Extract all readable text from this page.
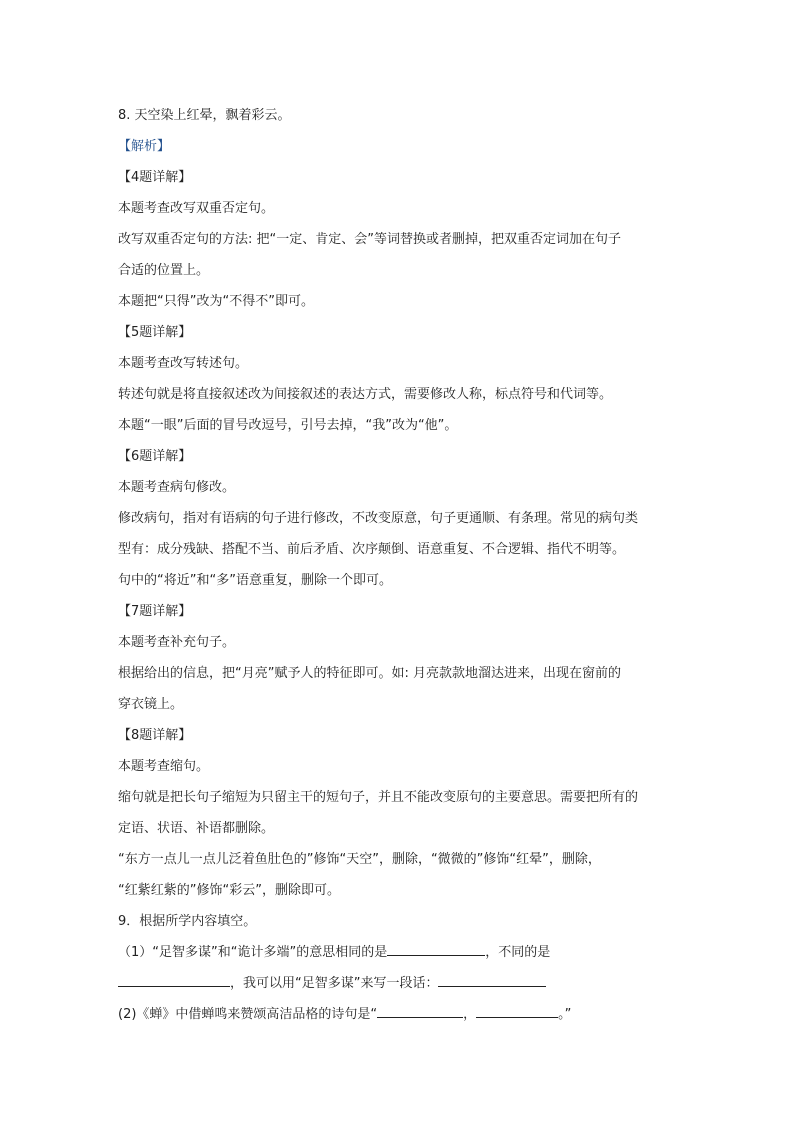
8. 天空染上红晕，飘着彩云。
【解析】
【4题详解】
本题考查改写双重否定句。
改写双重否定句的方法: 把“一定、肯定、会”等词替换或者删掉，把双重否定词加在句子
合适的位置上。
本题把“只得”改为“不得不”即可。
【5题详解】
本题考查改写转述句。
转述句就是将直接叙述改为间接叙述的表达方式，需要修改人称，标点符号和代词等。
本题“一眼”后面的冒号改逗号，引号去掉，“我”改为“他”。
【6题详解】
本题考查病句修改。
修改病句，指对有语病的句子进行修改，不改变原意，句子更通顺、有条理。常见的病句类
型有：成分残缺、搭配不当、前后矛盾、次序颠倒、语意重复、不合逻辑、指代不明等。
句中的“将近”和“多”语意重复，删除一个即可。
【7题详解】
本题考查补充句子。
根据给出的信息，把“月亮”赋予人的特征即可。如: 月亮款款地溜达进来，出现在窗前的
穿衣镜上。
【8题详解】
本题考查缩句。
缩句就是把长句子缩短为只留主干的短句子，并且不能改变原句的主要意思。需要把所有的
定语、状语、补语都删除。
“东方一点儿一点儿泛着鱼肚色的”修饰“天空”，删除，“微微的”修饰“红晕”，删除，
“红紫红紫的”修饰“彩云”，删除即可。
9．根据所学内容填空。
（1）“足智多谋”和“诡计多端”的意思相同的是	，不同的是
，我可以用“足智多谋”来写一段话：
(2)《蝉》中借蝉鸣来赞颂高洁品格的诗句是“	，	。”
